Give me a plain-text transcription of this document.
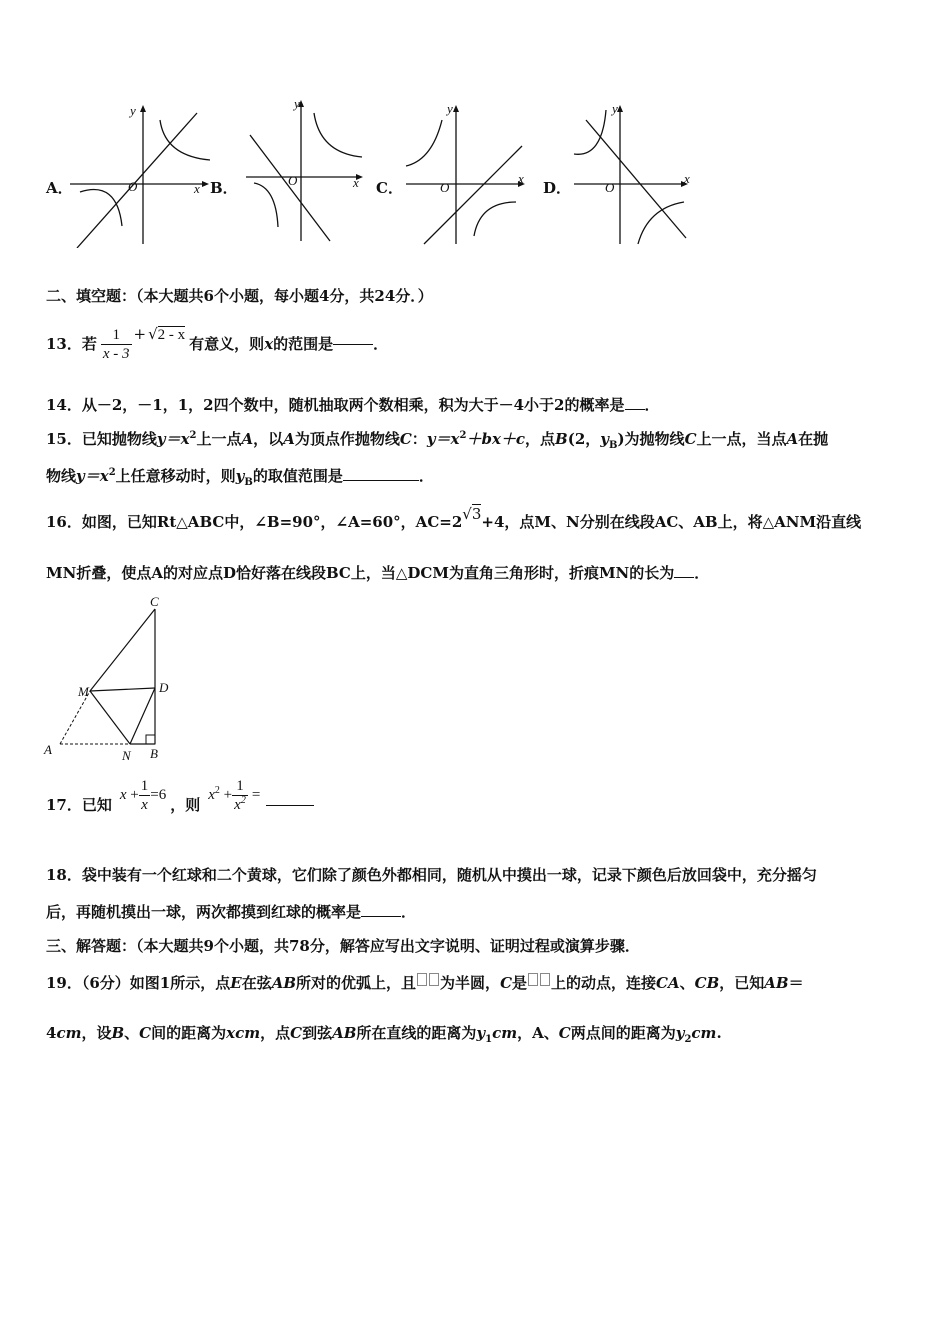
A．	O	x
y
B．	O	x
y
C．	O
x
y
D．	O
x
y
二、填空题：（本大题共6个小题，每小题4分，共24分．）
13．若 $\frac{1}{x - 3} + √2 - x$
有意义，则 x 的范围是	．
14．从－2，－1，1，2四个数中，随机抽取两个数相乘，积为大于－4小于2的概率是 ．
15．已知抛物线$y=x^2$上一点A，以A为顶点作抛物线C：$y=x^2+bx+c$，点B(2，$y_B$)为抛物线C上一点，当点A在抛
物线$y=x^2$上任意移动时，则$y_B$的取值范围是	．
16．如图，已知Rt△ABC中，∠B=90°，∠A=60°，AC=2√3+4，点M、N分别在线段AC、AB上，将△ANM沿直线
MN折叠，使点A的对应点D恰好落在线段BC上，当△DCM为直角三角形时，折痕MN的长为 ．
A	B
C
D
M
N
17．已知
$x + \frac{1}{x} =6$
，则
$x^2 + \frac{1}{x^2}$ =
18．袋中装有一个红球和二个黄球，它们除了颜色外都相同，随机从中摸出一球，记录下颜色后放回袋中，充分摇匀
后，再随机摸出一球，两次都摸到红球的概率是	．
三、解答题：（本大题共9个小题，共78分，解答应写出文字说明、证明过程或演算步骤．
19．（6分）如图1所示，点E在弦AB所对的优弧上，且 为半圆，C是 上的动点，连接CA、CB，已知AB＝
4cm，设B、C间的距离为xcm，点C到弦AB所在直线的距离为$y_1cm$，A、C两点间的距离为$y_2cm$.
